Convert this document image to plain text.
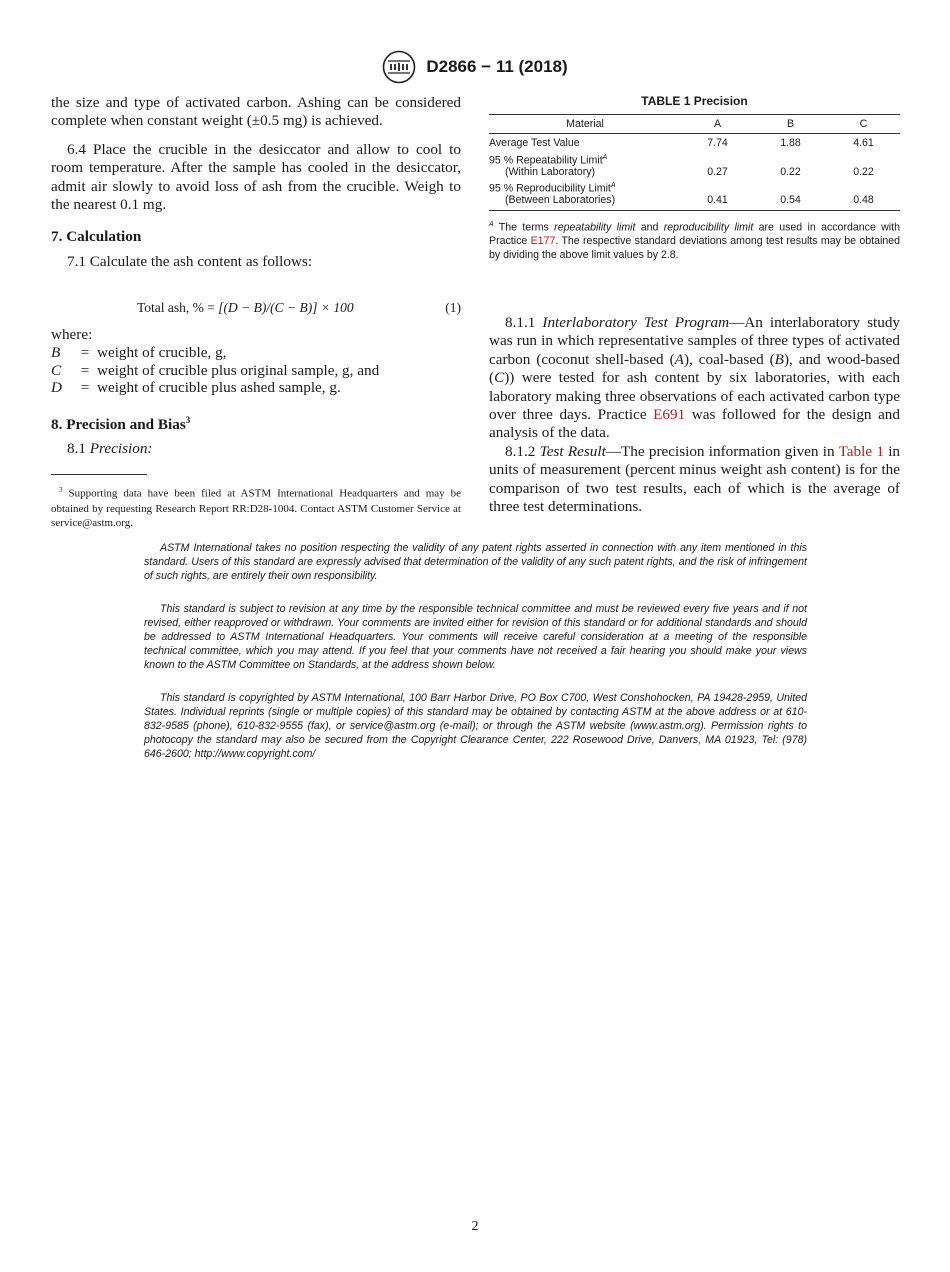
D2866 − 11 (2018)

the size and type of activated carbon. Ashing can be considered complete when constant weight (±0.5 mg) is achieved.

6.4 Place the crucible in the desiccator and allow to cool to room temperature. After the sample has cooled in the desiccator, admit air slowly to avoid loss of ash from the crucible. Weigh to the nearest 0.1 mg.

7. Calculation

7.1 Calculate the ash content as follows:

Total ash, % = [(D − B)/(C − B)] × 100	(1)

where:

B	= weight of crucible, g,
C	= weight of crucible plus original sample, g, and
D	= weight of crucible plus ashed sample, g.
8. Precision and Bias$^3$

8.1 Precision:

$^3$ Supporting data have been filed at ASTM International Headquarters and may be obtained by requesting Research Report RR:D28-1004. Contact ASTM Customer Service at service@astm.org.

TABLE 1 Precision
Material	A	B	C
Average Test Value	7.74	1.88	4.61
95 % Repeatability Limit$^A$
(Within Laboratory)	0.27	0.22	0.22
95 % Reproducibility Limit$^A$
(Between Laboratories)	0.41	0.54	0.48

$^A$ The terms repeatability limit and reproducibility limit are used in accordance with Practice E177. The respective standard deviations among test results may be obtained by dividing the above limit values by 2.8.

8.1.1 Interlaboratory Test Program—An interlaboratory study was run in which representative samples of three types of activated carbon (coconut shell-based (A), coal-based (B), and wood-based (C)) were tested for ash content by six laboratories, with each laboratory making three observations of each activated carbon type over three days. Practice E691 was followed for the design and analysis of the data.

8.1.2 Test Result—The precision information given in Table 1 in units of measurement (percent minus weight ash content) is for the comparison of two test results, each of which is the average of three test determinations.

ASTM International takes no position respecting the validity of any patent rights asserted in connection with any item mentioned in this standard. Users of this standard are expressly advised that determination of the validity of any such patent rights, and the risk of infringement of such rights, are entirely their own responsibility.

This standard is subject to revision at any time by the responsible technical committee and must be reviewed every five years and if not revised, either reapproved or withdrawn. Your comments are invited either for revision of this standard or for additional standards and should be addressed to ASTM International Headquarters. Your comments will receive careful consideration at a meeting of the responsible technical committee, which you may attend. If you feel that your comments have not received a fair hearing you should make your views known to the ASTM Committee on Standards, at the address shown below.

This standard is copyrighted by ASTM International, 100 Barr Harbor Drive, PO Box C700, West Conshohocken, PA 19428-2959, United States. Individual reprints (single or multiple copies) of this standard may be obtained by contacting ASTM at the above address or at 610-832-9585 (phone), 610-832-9555 (fax), or service@astm.org (e-mail); or through the ASTM website (www.astm.org). Permission rights to photocopy the standard may also be secured from the Copyright Clearance Center, 222 Rosewood Drive, Danvers, MA 01923, Tel: (978) 646-2600; http://www.copyright.com/

2
